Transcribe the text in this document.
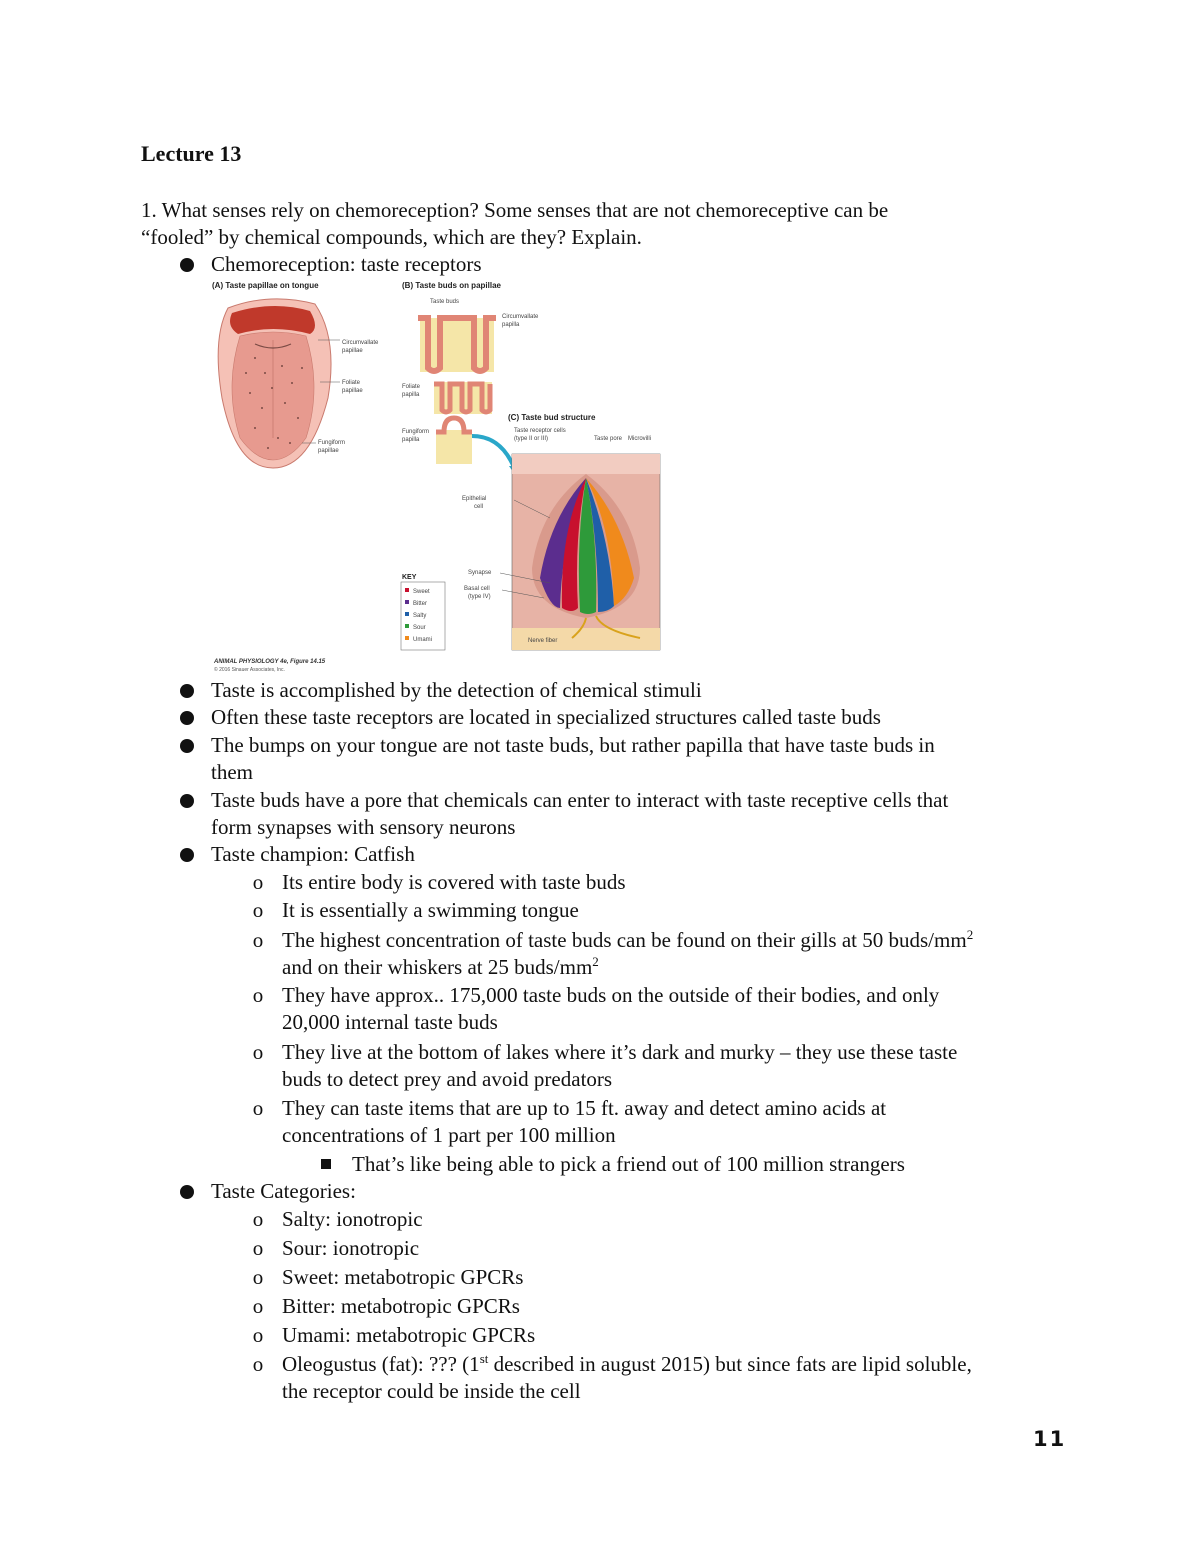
Lecture 13
1. What senses rely on chemoreception? Some senses that are not chemoreceptive can be
“fooled” by chemical compounds, which are they? Explain.
Chemoreception: taste receptors
(A) Taste papillae on tongue
Circumvallate
papillae
Foliate
papillae
Fungiform
papillae
(B) Taste buds on papillae
Taste buds
Circumvallate
papilla
Foliate
papilla
Fungiform
papilla
(C) Taste bud structure
Taste receptor cells
(type II or III)	Taste pore Microvilli
Epithelial
cell
Synapse
Basal cell
(type IV)
Nerve fiber
KEY
Sweet
Bitter
Salty
Sour
Umami
ANIMAL PHYSIOLOGY 4e, Figure 14.15
© 2016 Sinauer Associates, Inc.
Taste is accomplished by the detection of chemical stimuli
Often these taste receptors are located in specialized structures called taste buds
The bumps on your tongue are not taste buds, but rather papilla that have taste buds in
them
Taste buds have a pore that chemicals can enter to interact with taste receptive cells that
form synapses with sensory neurons
Taste champion: Catfish
o Its entire body is covered with taste buds
o It is essentially a swimming tongue
o The highest concentration of taste buds can be found on their gills at 50 buds/$mm^2$
and on their whiskers at 25 buds/$mm^2$
o They have approx.. 175,000 taste buds on the outside of their bodies, and only
20,000 internal taste buds
o They live at the bottom of lakes where it’s dark and murky – they use these taste
buds to detect prey and avoid predators
o They can taste items that are up to 15 ft. away and detect amino acids at
concentrations of 1 part per 100 million
That’s like being able to pick a friend out of 100 million strangers
Taste Categories:
o Salty: ionotropic
o Sour: ionotropic
o Sweet: metabotropic GPCRs
o Bitter: metabotropic GPCRs
o Umami: metabotropic GPCRs
o Oleogustus (fat): ??? (1st described in august 2015) but since fats are lipid soluble,
the receptor could be inside the cell
11
